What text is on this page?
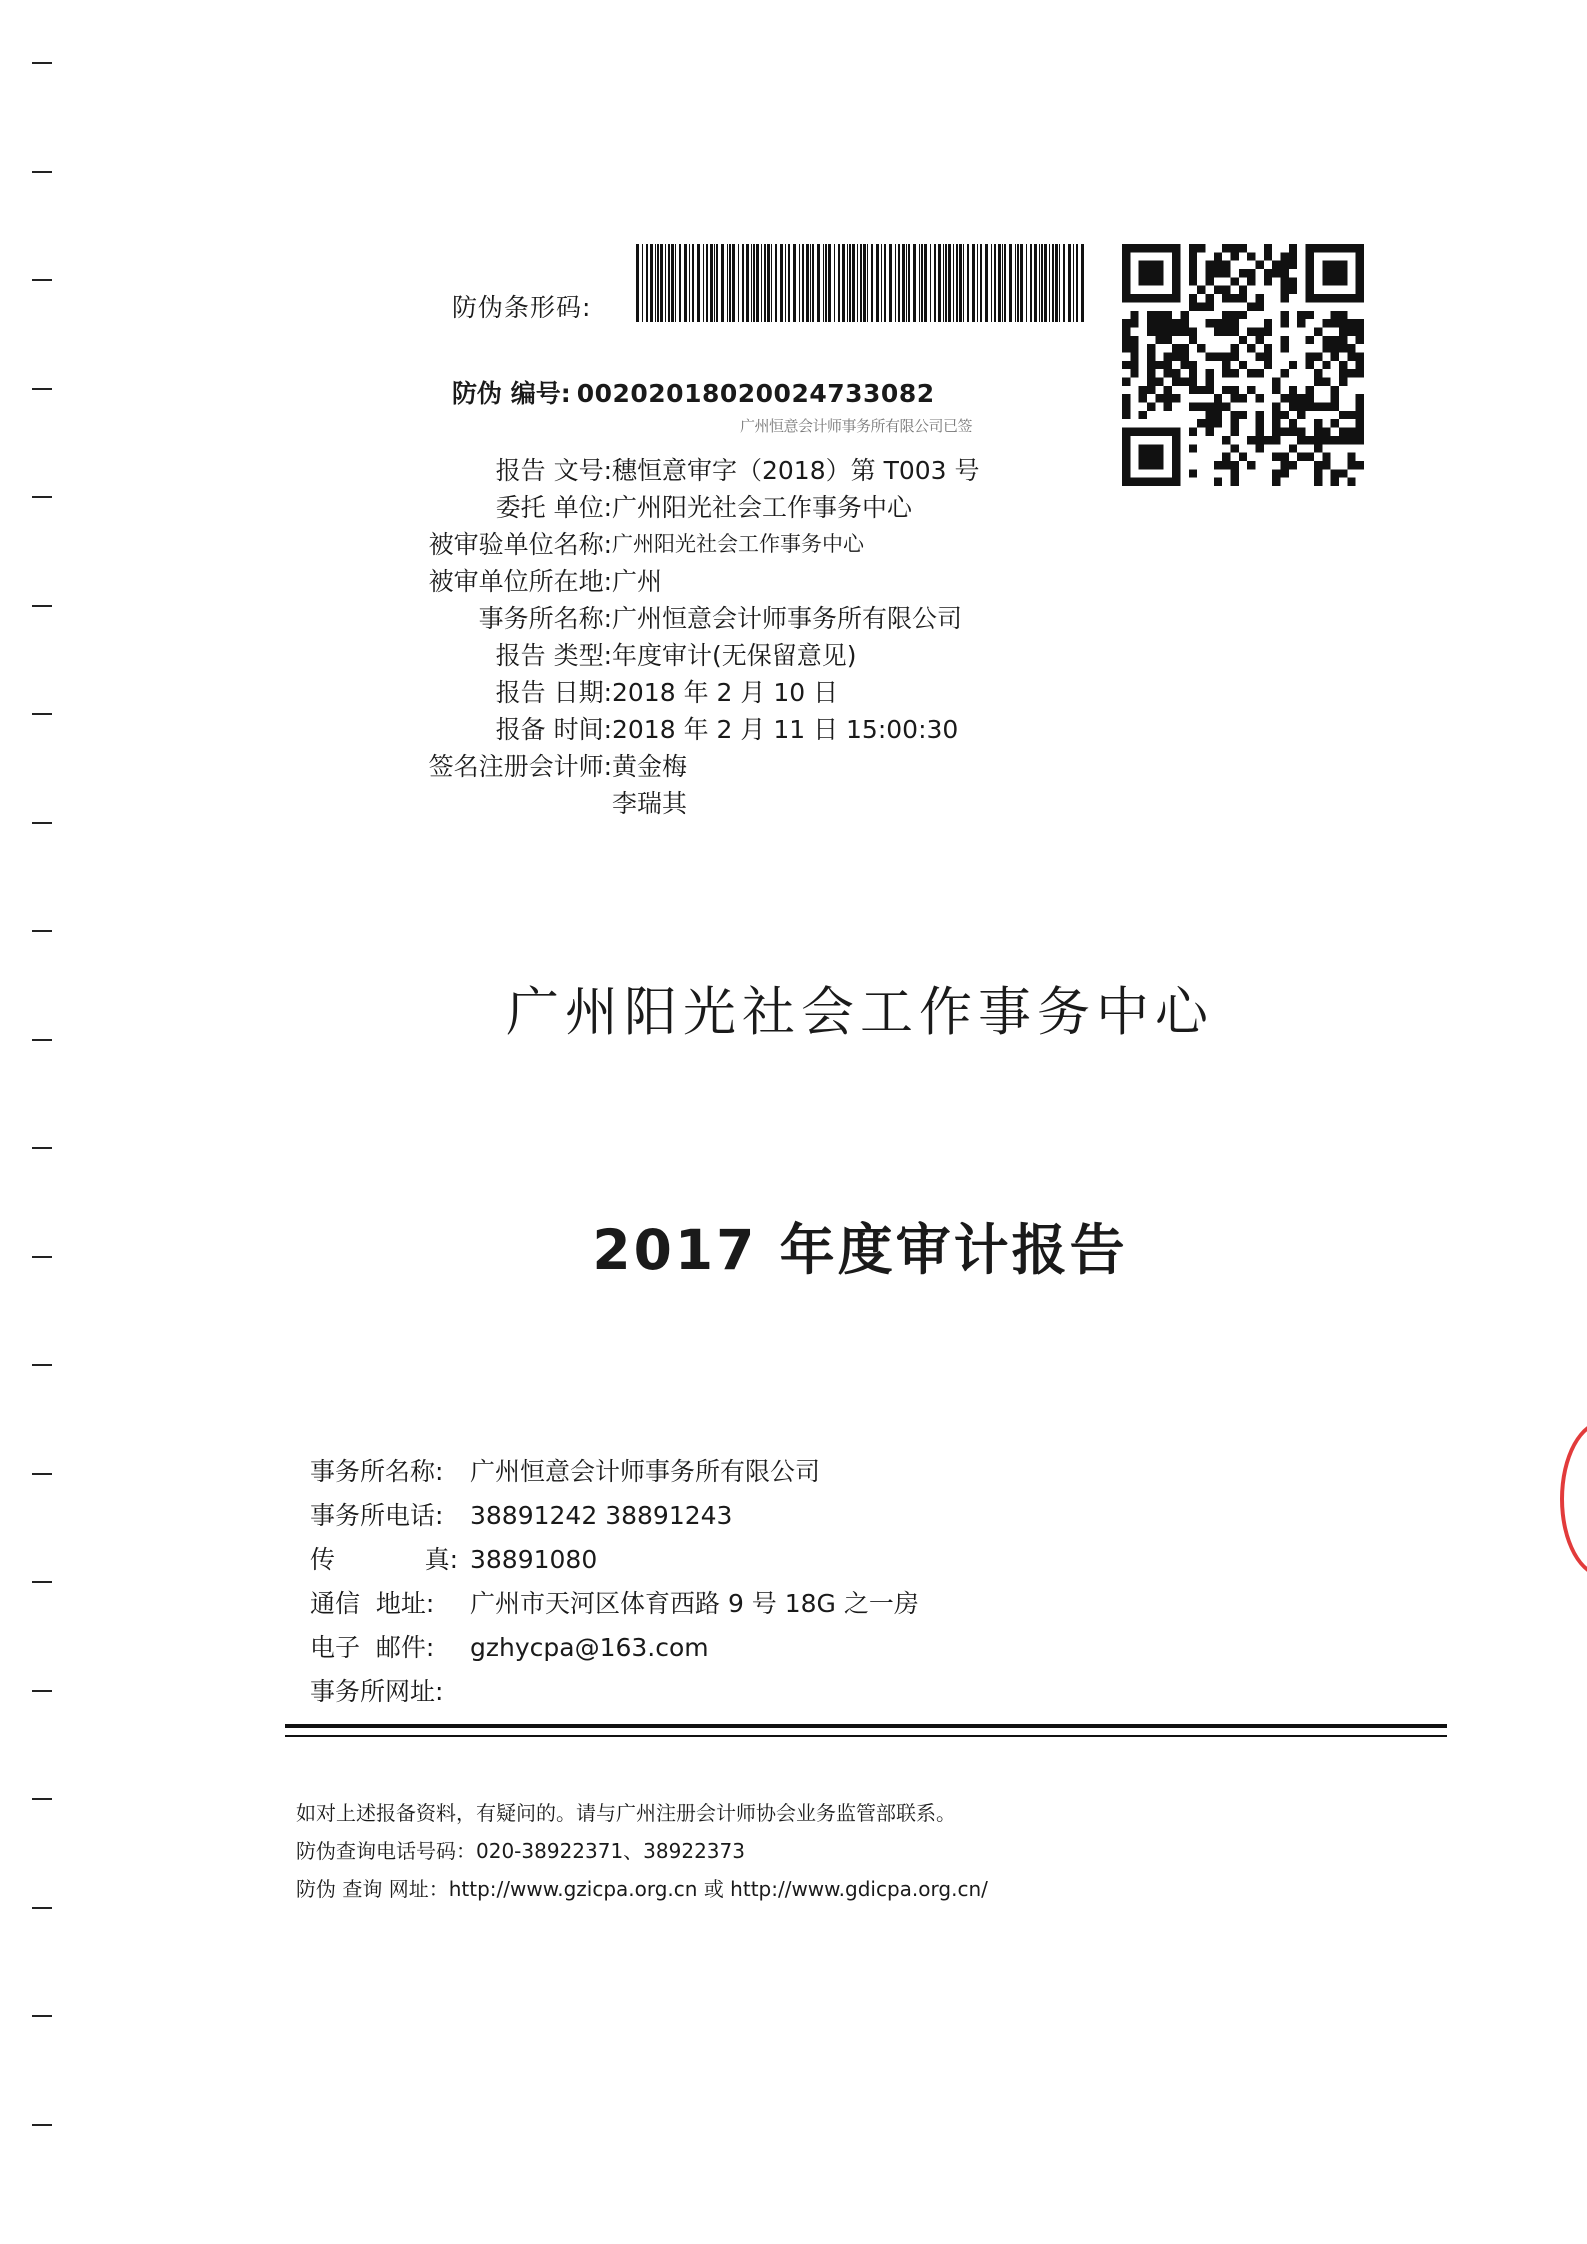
防伪条形码:
防伪 编号: 00202018020024733082
广州恒意会计师事务所有限公司已签
报告 文号: 穗恒意审字（2018）第 T003 号
委托 单位: 广州阳光社会工作事务中心
被审验单位名称: 广州阳光社会工作事务中心
被审单位所在地: 广州
事务所名称: 广州恒意会计师事务所有限公司
报告 类型: 年度审计(无保留意见)
报告 日期: 2018 年 2 月 10 日
报备 时间: 2018 年 2 月 11 日 15:00:30
签名注册会计师: 黄金梅
李瑞其
广州阳光社会工作事务中心
2017 年度审计报告
事务所名称:	广州恒意会计师事务所有限公司
事务所电话:	38891242 38891243
传	真: 38891080
通信  地址:	广州市天河区体育西路 9 号 18G 之一房
电子  邮件:	gzhycpa@163.com
事务所网址:
如对上述报备资料，有疑问的。请与广州注册会计师协会业务监管部联系。
防伪查询电话号码：020-38922371、38922373
防伪 查询 网址：http://www.gzicpa.org.cn 或 http://www.gdicpa.org.cn/
